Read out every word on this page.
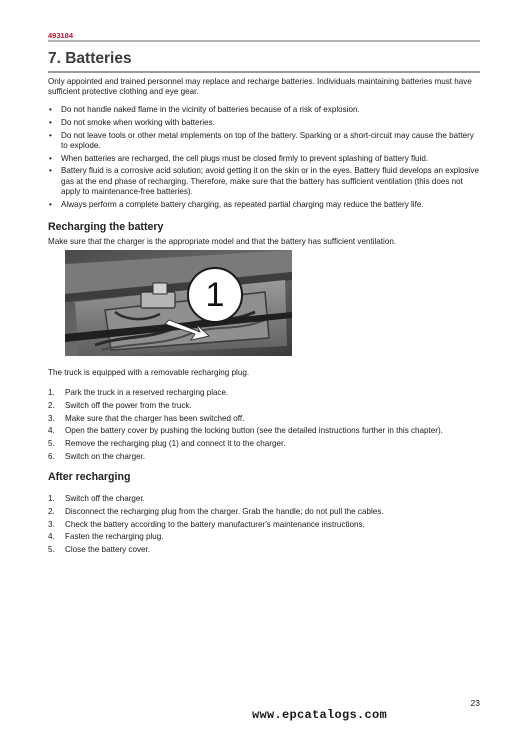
493184
7. Batteries

Only appointed and trained personnel may replace and recharge batteries. Individuals maintaining batteries must have sufficient protective clothing and eye gear.

• Do not handle naked flame in the vicinity of batteries because of a risk of explosion.
• Do not smoke when working with batteries.
• Do not leave tools or other metal implements on top of the battery. Sparking or a short-circuit may cause the battery to explode.
• When batteries are recharged, the cell plugs must be closed firmly to prevent splashing of battery fluid.
• Battery fluid is a corrosive acid solution; avoid getting it on the skin or in the eyes. Battery fluid develops an explosive gas at the end phase of recharging. Therefore, make sure that the battery has sufficient ventilation (this does not apply to maintenance-free batteries).
• Always perform a complete battery charging, as repeated partial charging may reduce the battery life.
Recharging the battery

Make sure that the charger is the appropriate model and that the battery has sufficient ventilation.

1

The truck is equipped with a removable recharging plug.

1. Park the truck in a reserved recharging place.
2. Switch off the power from the truck.
3. Make sure that the charger has been switched off.
4. Open the battery cover by pushing the locking button (see the detailed instructions further in this chapter).
5. Remove the recharging plug (1) and connect it to the charger.
6. Switch on the charger.
After recharging
1. Switch off the charger.
2. Disconnect the recharging plug from the charger. Grab the handle; do not pull the cables.
3. Check the battery according to the battery manufacturer's maintenance instructions.
4. Fasten the recharging plug.
5. Close the battery cover.
23
www.epcatalogs.com
